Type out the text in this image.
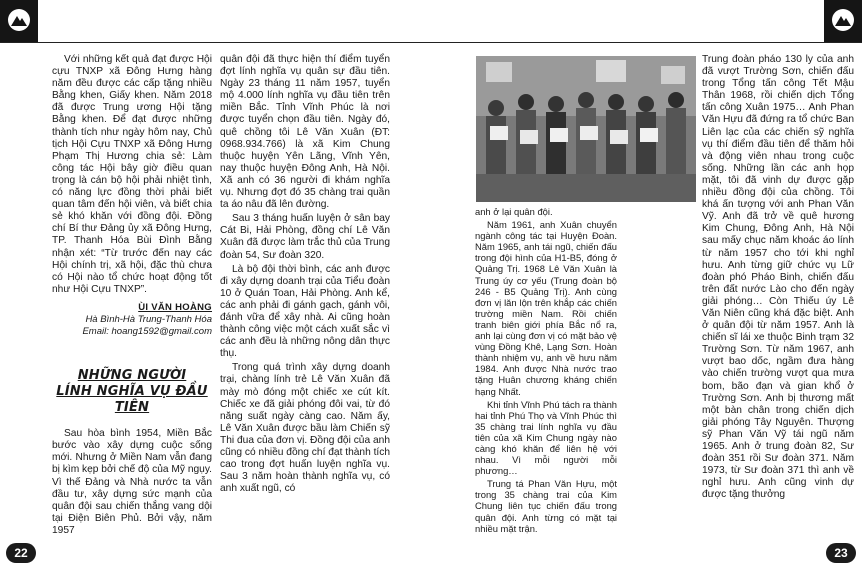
Với những kết quả đạt được Hội cựu TNXP xã Đông Hưng hàng năm đều được các cấp tặng nhiều Bằng khen, Giấy khen. Năm 2018 đã được Trung ương Hội tặng Bằng khen. Để đạt được những thành tích như ngày hôm nay, Chủ tịch Hội Cựu TNXP xã Đông Hưng Phạm Thị Hương chia sẻ: Làm công tác Hội bây giờ điều quan trọng là cán bộ hội phải nhiệt tình, có năng lực đồng thời phải biết quan tâm đến hội viên, và biết chia sẻ khó khăn với đồng đội. Đồng chí Bí thư Đảng ủy xã Đông Hưng, TP. Thanh Hóa Bùi Đình Bằng nhận xét: “Từ trước đến nay các Hội chính trị, xã hội, đặc thù chưa có Hội nào tổ chức hoạt động tốt như Hội Cựu TNXP”.

ÙI VĂN HOÀNG
Hà Bình-Hà Trung-Thanh Hóa
Email: hoang1592@gmail.com
NHỮNG NGƯỜI
LÍNH NGHĨA VỤ ĐẦU TIÊN

Sau hòa bình 1954, Miền Bắc bước vào xây dựng cuộc sống mới. Nhưng ở Miền Nam vẫn đang bị kìm kẹp bởi chế độ của Mỹ ngụy. Vì thế Đảng và Nhà nước ta vẫn đầu tư, xây dựng sức mạnh của quân đội sau chiến thắng vang dội tại Điện Biên Phủ. Bởi vậy, năm 1957

quân đội đã thực hiện thí điểm tuyển đợt lính nghĩa vụ quân sự đầu tiên. Ngày 23 tháng 11 năm 1957, tuyển mộ 4.000 lính nghĩa vụ đầu tiên trên miền Bắc. Tỉnh Vĩnh Phúc là nơi được tuyển chọn đầu tiên. Ngày đó, quê chồng tôi Lê Văn Xuân (ĐT: 0968.934.766) là xã Kim Chung thuộc huyện Yên Lãng, Vĩnh Yên, nay thuộc huyện Đông Anh, Hà Nội. Xã anh có 36 người đi khám nghĩa vụ. Nhưng đợt đó 35 chàng trai quần ta áo nâu đã lên đường.

Sau 3 tháng huấn luyện ở sân bay Cát Bi, Hải Phòng, đồng chí Lê Văn Xuân đã được làm trắc thủ của Trung đoàn 54, Sư đoàn 320.

Là bộ đội thời bình, các anh được đi xây dựng doanh trại của Tiểu đoàn 10 ở Quán Toan, Hải Phòng. Anh kể, các anh phải đi gánh gạch, gánh vôi, đánh vữa để xây nhà. Ai cũng hoàn thành công việc một cách xuất sắc vì các anh đều là những nông dân thực thụ.

Trong quá trình xây dựng doanh trại, chàng lính trẻ Lê Văn Xuân đã mày mò đóng một chiếc xe cút kít. Chiếc xe đã giải phóng đôi vai, từ đó năng suất ngày càng cao. Năm ấy, Lê Văn Xuân được bầu làm Chiến sỹ Thi đua của đơn vị. Đồng đội của anh cũng có nhiều đồng chí đạt thành tích cao trong đợt huấn luyện nghĩa vụ. Sau 3 năm hoàn thành nghĩa vụ, có anh xuất ngũ, có

anh ở lại quân đội.

Năm 1961, anh Xuân chuyển ngành công tác tại Huyện Đoàn. Năm 1965, anh tái ngũ, chiến đấu trong đội hình của H1-B5, đóng ở Quảng Trị. 1968 Lê Văn Xuân là Trung úy cơ yếu (Trung đoàn bộ 246 - B5 Quảng Trị). Anh cùng đơn vị lăn lộn trên khắp các chiến trường miền Nam. Rồi chiến tranh biên giới phía Bắc nổ ra, anh lại cùng đơn vị có mặt bảo vệ vùng Đồng Khê, Lạng Sơn. Hoàn thành nhiệm vụ, anh về hưu năm 1984. Anh được Nhà nước trao tặng Huân chương kháng chiến hạng Nhất.

Khi tỉnh Vĩnh Phú tách ra thành hai tỉnh Phú Thọ và Vĩnh Phúc thì 35 chàng trai lính nghĩa vụ đầu tiên của xã Kim Chung ngày nào càng khó khăn để liên hệ với nhau. Vì mỗi người mỗi phương…

Trung tá Phan Văn Hựu, một trong 35 chàng trai của Kim Chung liên tục chiến đấu trong quân đội. Anh từng có mặt tại nhiều mặt trận.

Trung đoàn pháo 130 ly của anh đã vượt Trường Sơn, chiến đấu trong Tổng tấn công Tết Mậu Thân 1968, rồi chiến dịch Tổng tấn công Xuân 1975… Anh Phan Văn Hựu đã đứng ra tổ chức Ban Liên lạc của các chiến sỹ nghĩa vụ thí điểm đầu tiên để thăm hỏi và động viên nhau trong cuộc sống. Những lần các anh họp mặt, tôi đã vinh dự được gặp nhiều đồng đội của chồng. Tôi khá ấn tượng với anh Phan Văn Vỹ. Anh đã trở về quê hương Kim Chung, Đông Anh, Hà Nội sau mấy chục năm khoác áo lính từ năm 1957 cho tới khi nghỉ hưu. Anh từng giữ chức vụ Lữ đoàn phó Pháo Binh, chiến đấu trên đất nước Lào cho đến ngày giải phóng… Còn Thiếu úy Lê Văn Niên cũng khá đặc biệt. Anh ở quân đội từ năm 1957. Anh là chiến sĩ lái xe thuộc Binh trạm 32 Trường Sơn. Từ năm 1967, anh vượt bao dốc, ngầm đưa hàng vào chiến trường vượt qua mưa bom, bão đạn và gian khổ ở Trường Sơn. Anh bị thương mất một bàn chân trong chiến dịch giải phóng Tây Nguyên. Thượng sỹ Phan Văn Vỹ tái ngũ năm 1965. Anh ở trung đoàn 82, Sư đoàn 351 rồi Sư đoàn 371. Năm 1973, từ Sư đoàn 371 thì anh về nghỉ hưu. Anh cũng vinh dự được tặng thưởng

22	23
